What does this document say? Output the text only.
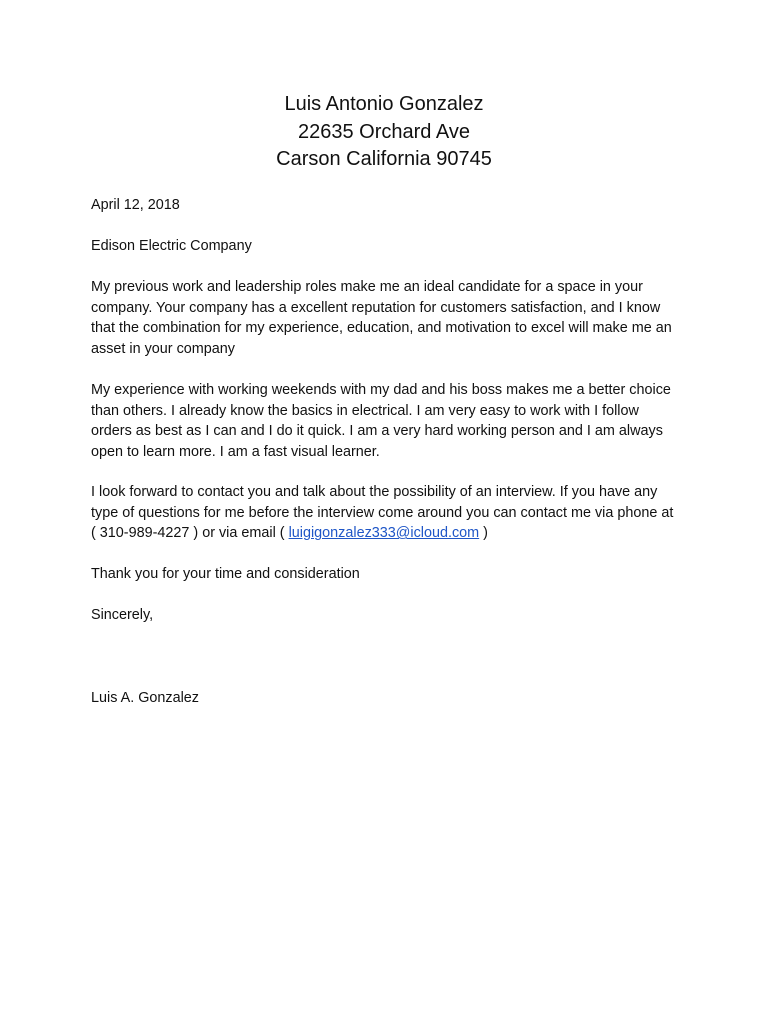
Luis Antonio Gonzalez
22635 Orchard Ave
Carson California 90745

April 12, 2018

Edison Electric Company

My previous work and leadership roles make me an ideal candidate for a space in your company. Your company has a excellent reputation for customers satisfaction, and I know that the combination for my experience, education, and motivation to excel will make me an asset in your company

My experience with working weekends with my dad and his boss makes me a better choice than others. I already know the basics in electrical. I am very easy to work with I follow orders as best as I can and I do it quick. I am a very hard working person and I am always open to learn more. I am a fast visual learner.

I look forward to contact you and talk about the possibility of an interview. If you have any type of questions for me before the interview come around you can contact me via phone at ( 310-989-4227 ) or via email ( luigigonzalez333@icloud.com )

Thank you for your time and consideration

Sincerely,

Luis A. Gonzalez
